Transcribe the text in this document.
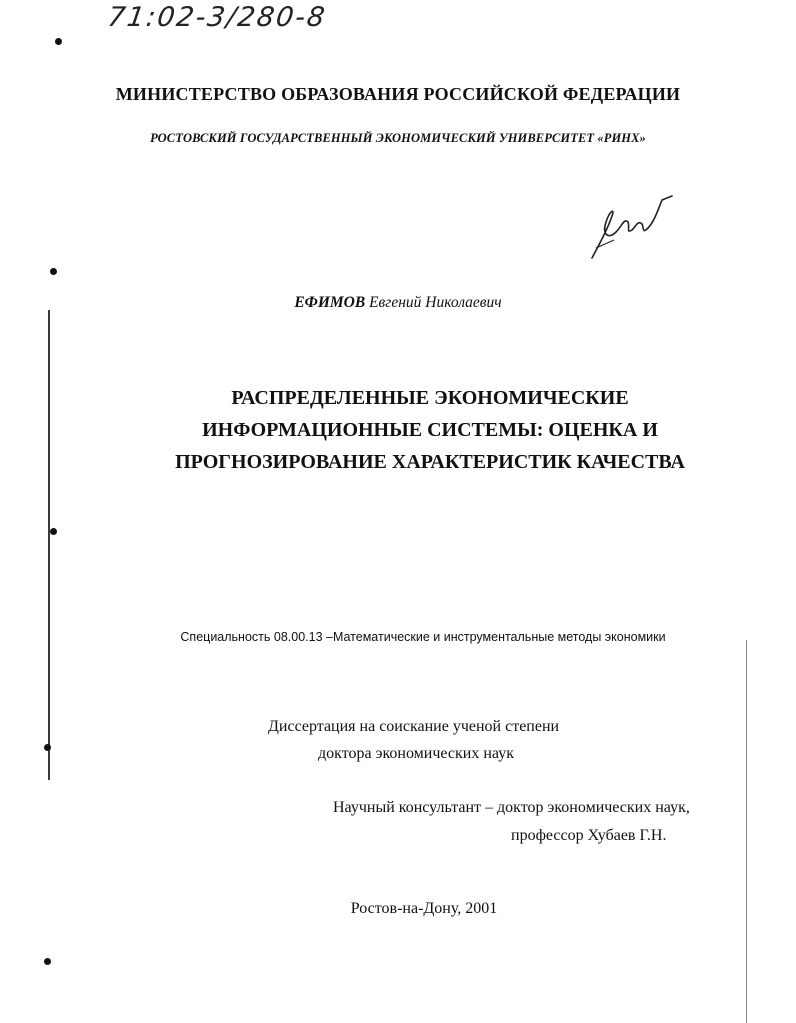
71:02-3/280-8
МИНИСТЕРСТВО ОБРАЗОВАНИЯ РОССИЙСКОЙ ФЕДЕРАЦИИ
РОСТОВСКИЙ ГОСУДАРСТВЕННЫЙ ЭКОНОМИЧЕСКИЙ УНИВЕРСИТЕТ «РИНХ»
ЕФИМОВ Евгений Николаевич
РАСПРЕДЕЛЕННЫЕ ЭКОНОМИЧЕСКИЕ
ИНФОРМАЦИОННЫЕ СИСТЕМЫ: ОЦЕНКА И
ПРОГНОЗИРОВАНИЕ ХАРАКТЕРИСТИК КАЧЕСТВА
Специальность 08.00.13 –Математические и инструментальные методы экономики
Диссертация на соискание ученой степени
доктора экономических наук
Научный консультант – доктор экономических наук,
профессор Хубаев Г.Н.
Ростов-на-Дону, 2001
